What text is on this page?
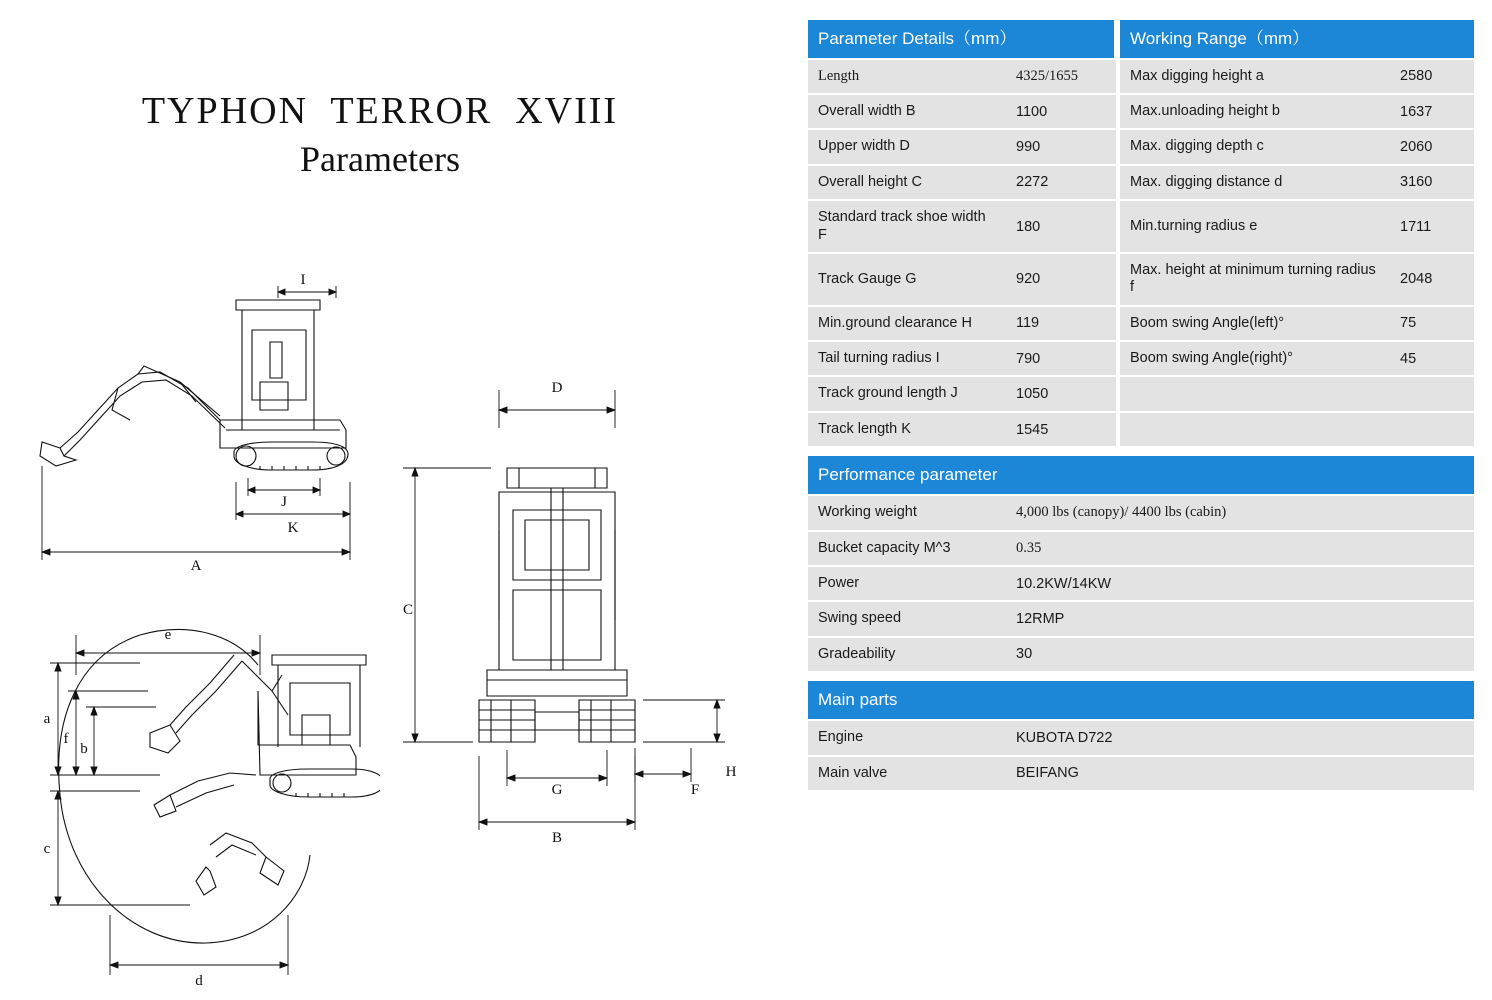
TYPHON  TERROR  XVIII
Parameters
I
J
K
A
D
C
G	F
H
B
e
a
f
b
c
d
Parameter Details（mm）			Working Range（mm）	
Length	4325/1655		Max digging height a	2580
Overall width B	1100		Max.unloading height b	1637
Upper width D	990		Max. digging depth c	2060
Overall height C	2272		Max. digging distance d	3160
Standard track shoe width F	180		Min.turning radius e	1711
Track Gauge G	920		Max. height at minimum turning radius f	2048
Min.ground clearance H	119		Boom swing Angle(left)°	75
Tail turning radius I	790		Boom swing Angle(right)°	45
Track ground length J	1050			
Track length K	1545			
Performance parameter	
Working weight	4,000 lbs (canopy)/ 4400 lbs (cabin)
Bucket capacity M^3	0.35
Power	10.2KW/14KW
Swing speed	12RMP
Gradeability	30
Main parts	
Engine	KUBOTA D722
Main valve	BEIFANG
